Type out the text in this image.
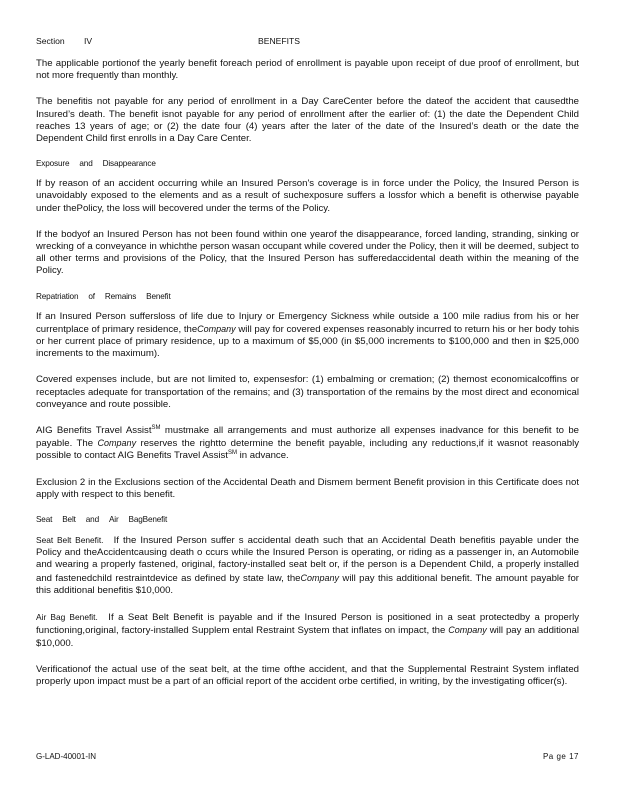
Section IV	BENEFITS

The applicable portionof the yearly benefit foreach period of enrollment is payable upon receipt of due proof of enrollment, but not more frequently than monthly.

The benefitis not payable for any period of enrollment in a Day CareCenter before the dateof the accident that causedthe Insured’s death. The benefit isnot payable for any period of enrollment after the earlier of: (1) the date the Dependent Child reaches 13 years of age; or (2) the date four (4) years after the later of the date of the Insured’s death or the date the Dependent Child first enrolls in a Day Care Center.

Exposure and Disappearance

If by reason of an accident occurring while an Insured Person's coverage is in force under the Policy, the Insured Person is unavoidably exposed to the elements and as a result of suchexposure suffers a lossfor which a benefit is otherwise payable under thePolicy, the loss will becovered under the terms of the Policy.

If the bodyof an Insured Person has not been found within one yearof the disappearance, forced landing, stranding, sinking or wrecking of a conveyance in whichthe person wasan occupant while covered under the Policy, then it will be deemed, subject to all other terms and provisions of the Policy, that the Insured Person has sufferedaccidental death within the meaning of the Policy.

Repatriation of Remains Benefit

If an Insured Person suffersloss of life due to Injury or Emergency Sickness while outside a 100 mile radius from his or her currentplace of primary residence, theCompany will pay for covered expenses reasonably incurred to return his or her body tohis or her current place of primary residence, up to a maximum of $5,000 (in $5,000 increments to $100,000 and then in $25,000 increments to the maximum).

Covered expenses include, but are not limited to, expensesfor: (1) embalming or cremation; (2) themost economicalcoffins or receptacles adequate for transportation of the remains; and (3) transportation of the remains by the most direct and economical conveyance and route possible.

AIG Benefits Travel Assist℠ mustmake all arrangements and must authorize all expenses inadvance for this benefit to be payable. The Company reserves the rightto determine the benefit payable, including any reductions,if it wasnot reasonably possible to contact AIG Benefits Travel Assist℠ in advance.

Exclusion 2 in the Exclusions section of the Accidental Death and Dismem berment Benefit provision in this Certificate does not apply with respect to this benefit.

Seat Belt and Air BagBenefit

Seat Belt Benefit. If the Insured Person suffer s accidental death such that an Accidental Death benefitis payable under the Policy and theAccidentcausing death o ccurs while the Insured Person is operating, or riding as a passenger in, an Automobile and wearing a properly fastened, original, factory-installed seat belt or, if the person is a Dependent Child, a properly installed and fastenedchild restraintdevice as defined by state law, theCompany will pay this additional benefit. The amount payable for this additional benefitis $10,000.

Air Bag Benefit. If a Seat Belt Benefit is payable and if the Insured Person is positioned in a seat protectedby a properly functioning,original, factory-installed Supplem ental Restraint System that inflates on impact, the Company will pay an additional $10,000.

Verificationof the actual use of the seat belt, at the time ofthe accident, and that the Supplemental Restraint System inflated properly upon impact must be a part of an official report of the accident orbe certified, in writing, by the investigating officer(s).

G-LAD-40001-IN	Pa ge 17
